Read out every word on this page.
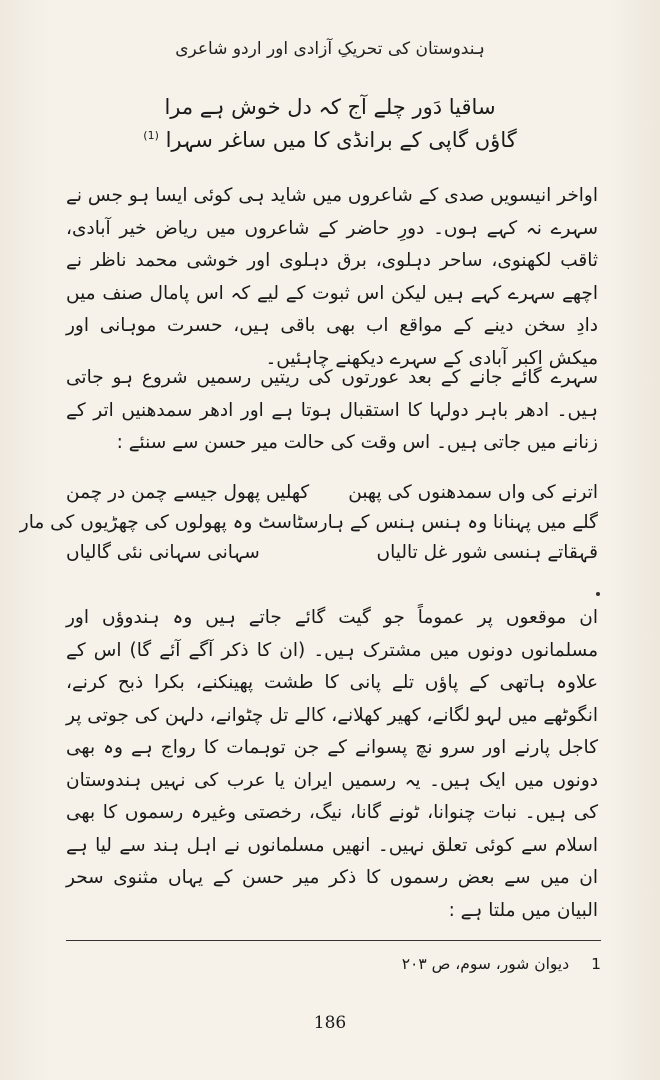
ہندوستان کی تحریکِ آزادی اور اردو شاعری
ساقیا دَور چلے آج کہ دل خوش ہے مرا
گاؤں گاپی کے برانڈی کا میں ساغر سہرا $^{(1)}$
اواخر انیسویں صدی کے شاعروں میں شاید ہی کوئی ایسا ہو جس نے سہرے نہ کہے ہوں۔ دورِ حاضر کے شاعروں میں ریاض خیر آبادی، ثاقب لکھنوی، ساحر دہلوی، برق دہلوی اور خوشی محمد ناظر نے اچھے سہرے کہے ہیں لیکن اس ثبوت کے لیے کہ اس پامال صنف میں دادِ سخن دینے کے مواقع اب بھی باقی ہیں، حسرت موہانی اور میکش اکبر آبادی کے سہرے دیکھنے چاہئیں۔
سہرے گائے جانے کے بعد عورتوں کی ریتیں رسمیں شروع ہو جاتی ہیں۔ ادھر باہر دولہا کا استقبال ہوتا ہے اور ادھر سمدھنیں اتر کے زنانے میں جاتی ہیں۔ اس وقت کی حالت میر حسن سے سنئے :
اترنے کی واں سمدھنوں کی پھبن
کھلیں پھول جیسے چمن در چمن
گلے میں پہنانا وہ ہنس ہنس کے ہار
سٹاسٹ وہ پھولوں کی چھڑیوں کی مار
قہقاتے ہنسی شور غل تالیاں
سہانی سہانی نئی گالیاں
ان موقعوں پر عموماً جو گیت گائے جاتے ہیں وہ ہندوؤں اور مسلمانوں دونوں میں مشترک ہیں۔ (ان کا ذکر آگے آئے گا) اس کے علاوہ ہاتھی کے پاؤں تلے پانی کا طشت پھینکنے، بکرا ذبح کرنے، انگوٹھے میں لہو لگانے، کھیر کھلانے، کالے تل چٹوانے، دلہن کی جوتی پر کاجل پارنے اور سرو نچ پسوانے کے جن توہمات کا رواج ہے وہ بھی دونوں میں ایک ہیں۔ یہ رسمیں ایران یا عرب کی نہیں ہندوستان کی ہیں۔ نبات چنوانا، ٹونے گانا، نیگ، رخصتی وغیرہ رسموں کا بھی اسلام سے کوئی تعلق نہیں۔ انھیں مسلمانوں نے اہل ہند سے لیا ہے ان میں سے بعض رسموں کا ذکر میر حسن کے یہاں مثنوی سحر البیان میں ملتا ہے :
1
دیوان شور، سوم، ص ۲۰۳
186
